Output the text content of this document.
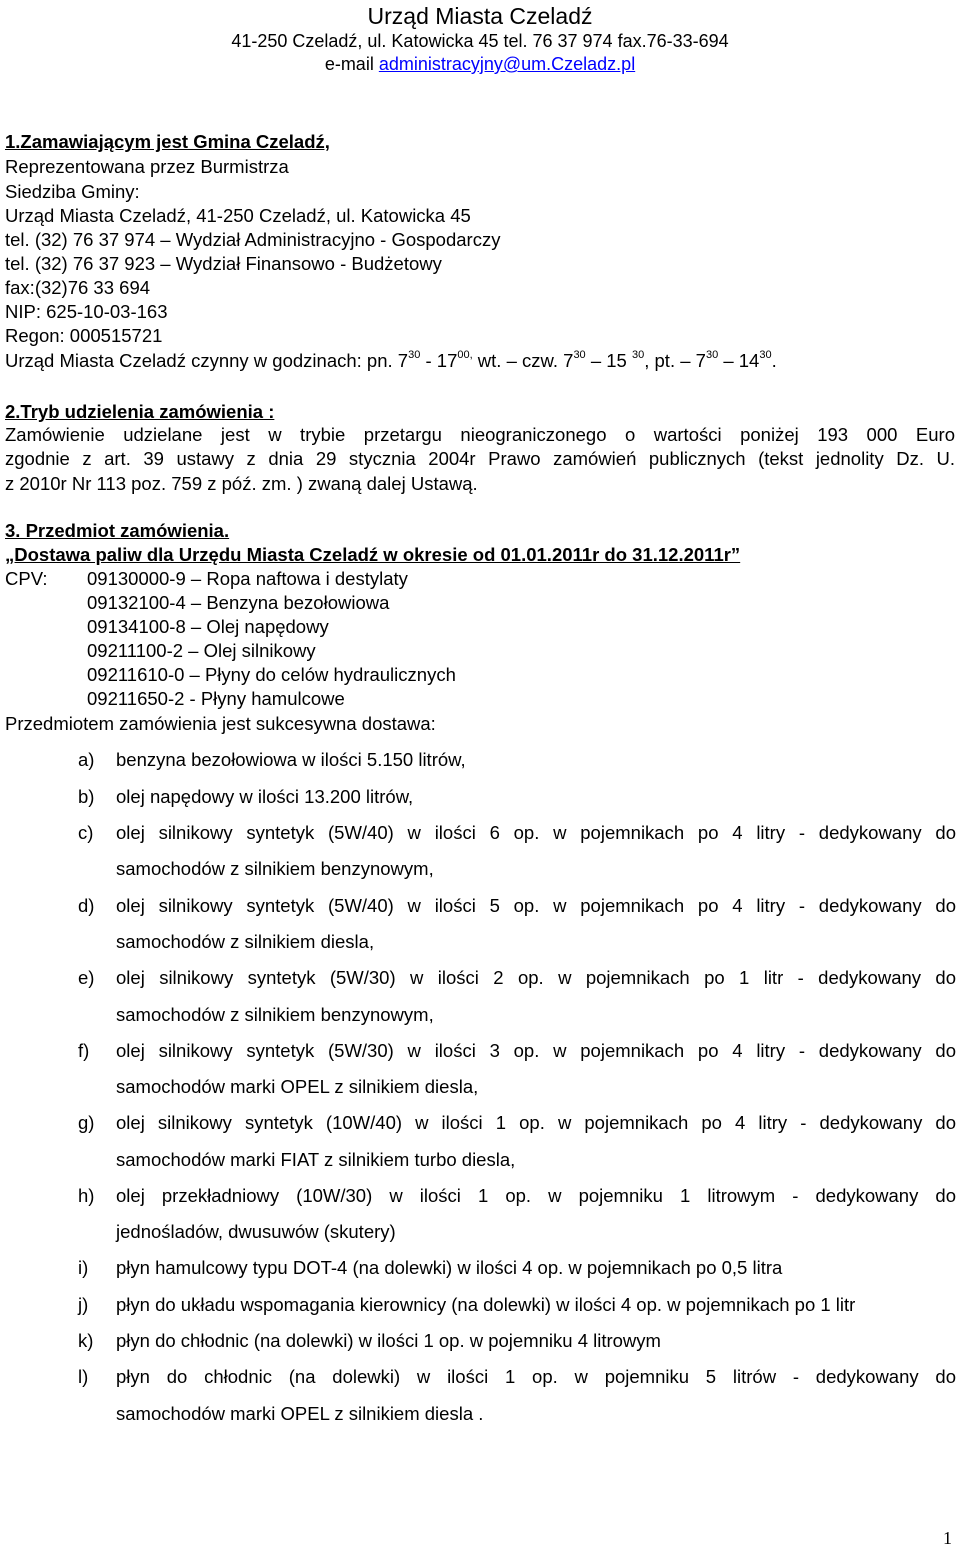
Urząd Miasta Czeladź
41-250 Czeladź, ul. Katowicka 45 tel. 76 37 974 fax.76-33-694
e-mail administracyjny@um.Czeladz.pl
1.Zamawiającym jest Gmina Czeladź,
Reprezentowana przez Burmistrza
Siedziba Gminy:
Urząd Miasta Czeladź, 41-250 Czeladź, ul. Katowicka 45
tel. (32) 76 37 974 – Wydział Administracyjno - Gospodarczy
tel. (32) 76 37 923 – Wydział Finansowo - Budżetowy
fax:(32)76 33 694
NIP: 625-10-03-163
Regon: 000515721
Urząd Miasta Czeladź czynny w godzinach: pn. $7^{30} - 17^{00,}$ wt. – czw. $7^{30} - 15$ $^{30}$, pt. – $7^{30} - 14^{30}$.
2.Tryb udzielenia zamówienia :
Zamówienie udzielane jest w trybie przetargu nieograniczonego o wartości poniżej 193 000 Euro
zgodnie z art. 39 ustawy z dnia 29 stycznia 2004r Prawo zamówień publicznych (tekst jednolity Dz. U.
z 2010r Nr 113 poz. 759 z póź. zm. ) zwaną dalej Ustawą.
3. Przedmiot zamówienia.
„Dostawa paliw dla Urzędu Miasta Czeladź w okresie od 01.01.2011r do 31.12.2011r”
CPV: 09130000-9 – Ropa naftowa i destylaty
09132100-4 – Benzyna bezołowiowa
09134100-8 – Olej napędowy
09211100-2 – Olej silnikowy
09211610-0 – Płyny do celów hydraulicznych
09211650-2 - Płyny hamulcowe
Przedmiotem zamówienia jest sukcesywna dostawa:
a) benzyna bezołowiowa w ilości 5.150 litrów,
b) olej napędowy w ilości 13.200 litrów,
c) olej silnikowy syntetyk (5W/40) w ilości 6 op. w pojemnikach po 4 litry - dedykowany do
samochodów z silnikiem benzynowym,
d) olej silnikowy syntetyk (5W/40) w ilości 5 op. w pojemnikach po 4 litry - dedykowany do
samochodów z silnikiem diesla,
e) olej silnikowy syntetyk (5W/30) w ilości 2 op. w pojemnikach po 1 litr - dedykowany do
samochodów z silnikiem benzynowym,
f) olej silnikowy syntetyk (5W/30) w ilości 3 op. w pojemnikach po 4 litry - dedykowany do
samochodów marki OPEL z silnikiem diesla,
g) olej silnikowy syntetyk (10W/40) w ilości 1 op. w pojemnikach po 4 litry - dedykowany do
samochodów marki FIAT z silnikiem turbo diesla,
h) olej przekładniowy (10W/30) w ilości 1 op. w pojemniku 1 litrowym - dedykowany do
jednośladów, dwusuwów (skutery)
i) płyn hamulcowy typu DOT-4 (na dolewki) w ilości 4 op. w pojemnikach po 0,5 litra
j) płyn do układu wspomagania kierownicy (na dolewki) w ilości 4 op. w pojemnikach po 1 litr
k) płyn do chłodnic (na dolewki) w ilości 1 op. w pojemniku 4 litrowym
l) płyn do chłodnic (na dolewki) w ilości 1 op. w pojemniku 5 litrów - dedykowany do
samochodów marki OPEL z silnikiem diesla .
1
